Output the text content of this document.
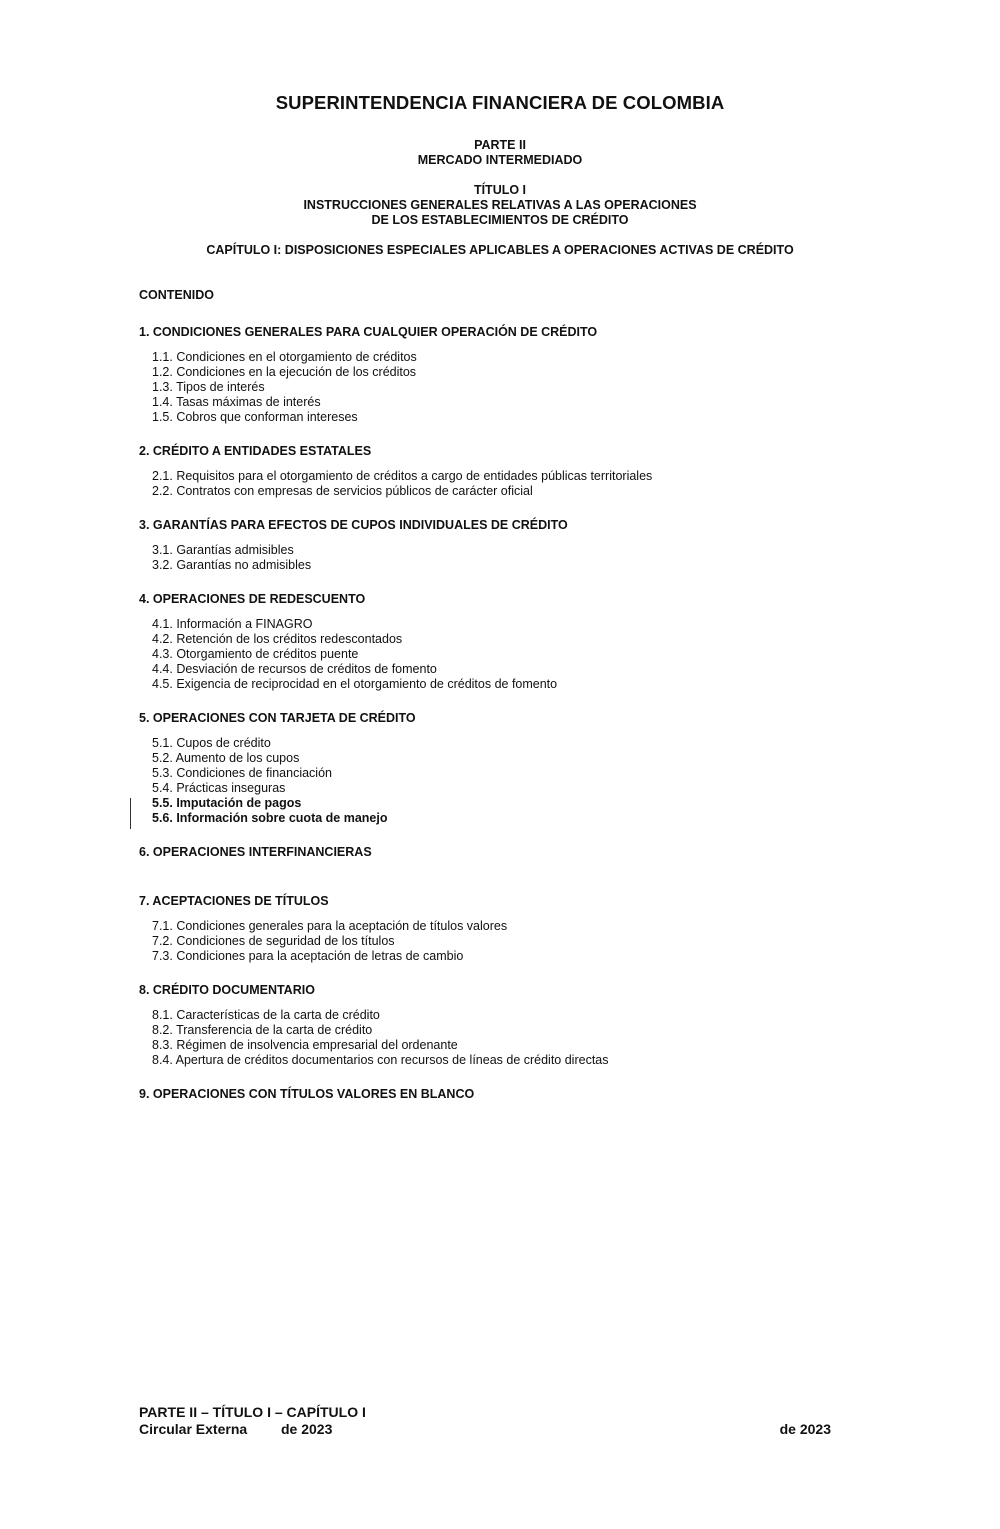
SUPERINTENDENCIA FINANCIERA DE COLOMBIA
PARTE II
MERCADO INTERMEDIADO
TÍTULO I
INSTRUCCIONES GENERALES RELATIVAS A LAS OPERACIONES
DE LOS ESTABLECIMIENTOS DE CRÉDITO
CAPÍTULO I: DISPOSICIONES ESPECIALES APLICABLES A OPERACIONES ACTIVAS DE CRÉDITO
CONTENIDO
1. CONDICIONES GENERALES PARA CUALQUIER OPERACIÓN DE CRÉDITO
1.1. Condiciones en el otorgamiento de créditos
1.2. Condiciones en la ejecución de los créditos
1.3. Tipos de interés
1.4. Tasas máximas de interés
1.5. Cobros que conforman intereses
2. CRÉDITO A ENTIDADES ESTATALES
2.1. Requisitos para el otorgamiento de créditos a cargo de entidades públicas territoriales
2.2. Contratos con empresas de servicios públicos de carácter oficial
3. GARANTÍAS PARA EFECTOS DE CUPOS INDIVIDUALES DE CRÉDITO
3.1. Garantías admisibles
3.2. Garantías no admisibles
4. OPERACIONES DE REDESCUENTO
4.1. Información a FINAGRO
4.2. Retención de los créditos redescontados
4.3. Otorgamiento de créditos puente
4.4. Desviación de recursos de créditos de fomento
4.5. Exigencia de reciprocidad en el otorgamiento de créditos de fomento
5. OPERACIONES CON TARJETA DE CRÉDITO
5.1. Cupos de crédito
5.2. Aumento de los cupos
5.3. Condiciones de financiación
5.4. Prácticas inseguras
5.5. Imputación de pagos
5.6. Información sobre cuota de manejo
6. OPERACIONES INTERFINANCIERAS
7. ACEPTACIONES DE TÍTULOS
7.1. Condiciones generales para la aceptación de títulos valores
7.2. Condiciones de seguridad de los títulos
7.3. Condiciones para la aceptación de letras de cambio
8. CRÉDITO DOCUMENTARIO
8.1. Características de la carta de crédito
8.2. Transferencia de la carta de crédito
8.3. Régimen de insolvencia empresarial del ordenante
8.4. Apertura de créditos documentarios con recursos de líneas de crédito directas
9. OPERACIONES CON TÍTULOS VALORES EN BLANCO
PARTE II – TÍTULO I – CAPÍTULO I
Circular Externa de 2023	de 2023
